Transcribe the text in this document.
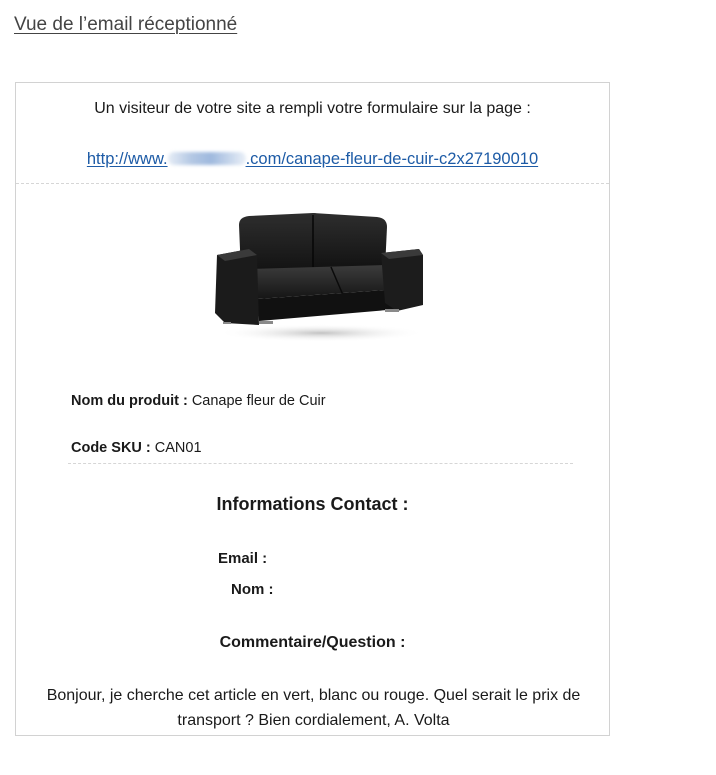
Vue de l’email réceptionné
Un visiteur de votre site a rempli votre formulaire sur la page :
http://www.	.com/canape-fleur-de-cuir-c2x27190010
Nom du produit : Canape fleur de Cuir
Code SKU : CAN01
Informations Contact :
Email :
Nom :
Commentaire/Question :
Bonjour, je cherche cet article en vert, blanc ou rouge. Quel serait le prix de transport ? Bien cordialement, A. Volta
